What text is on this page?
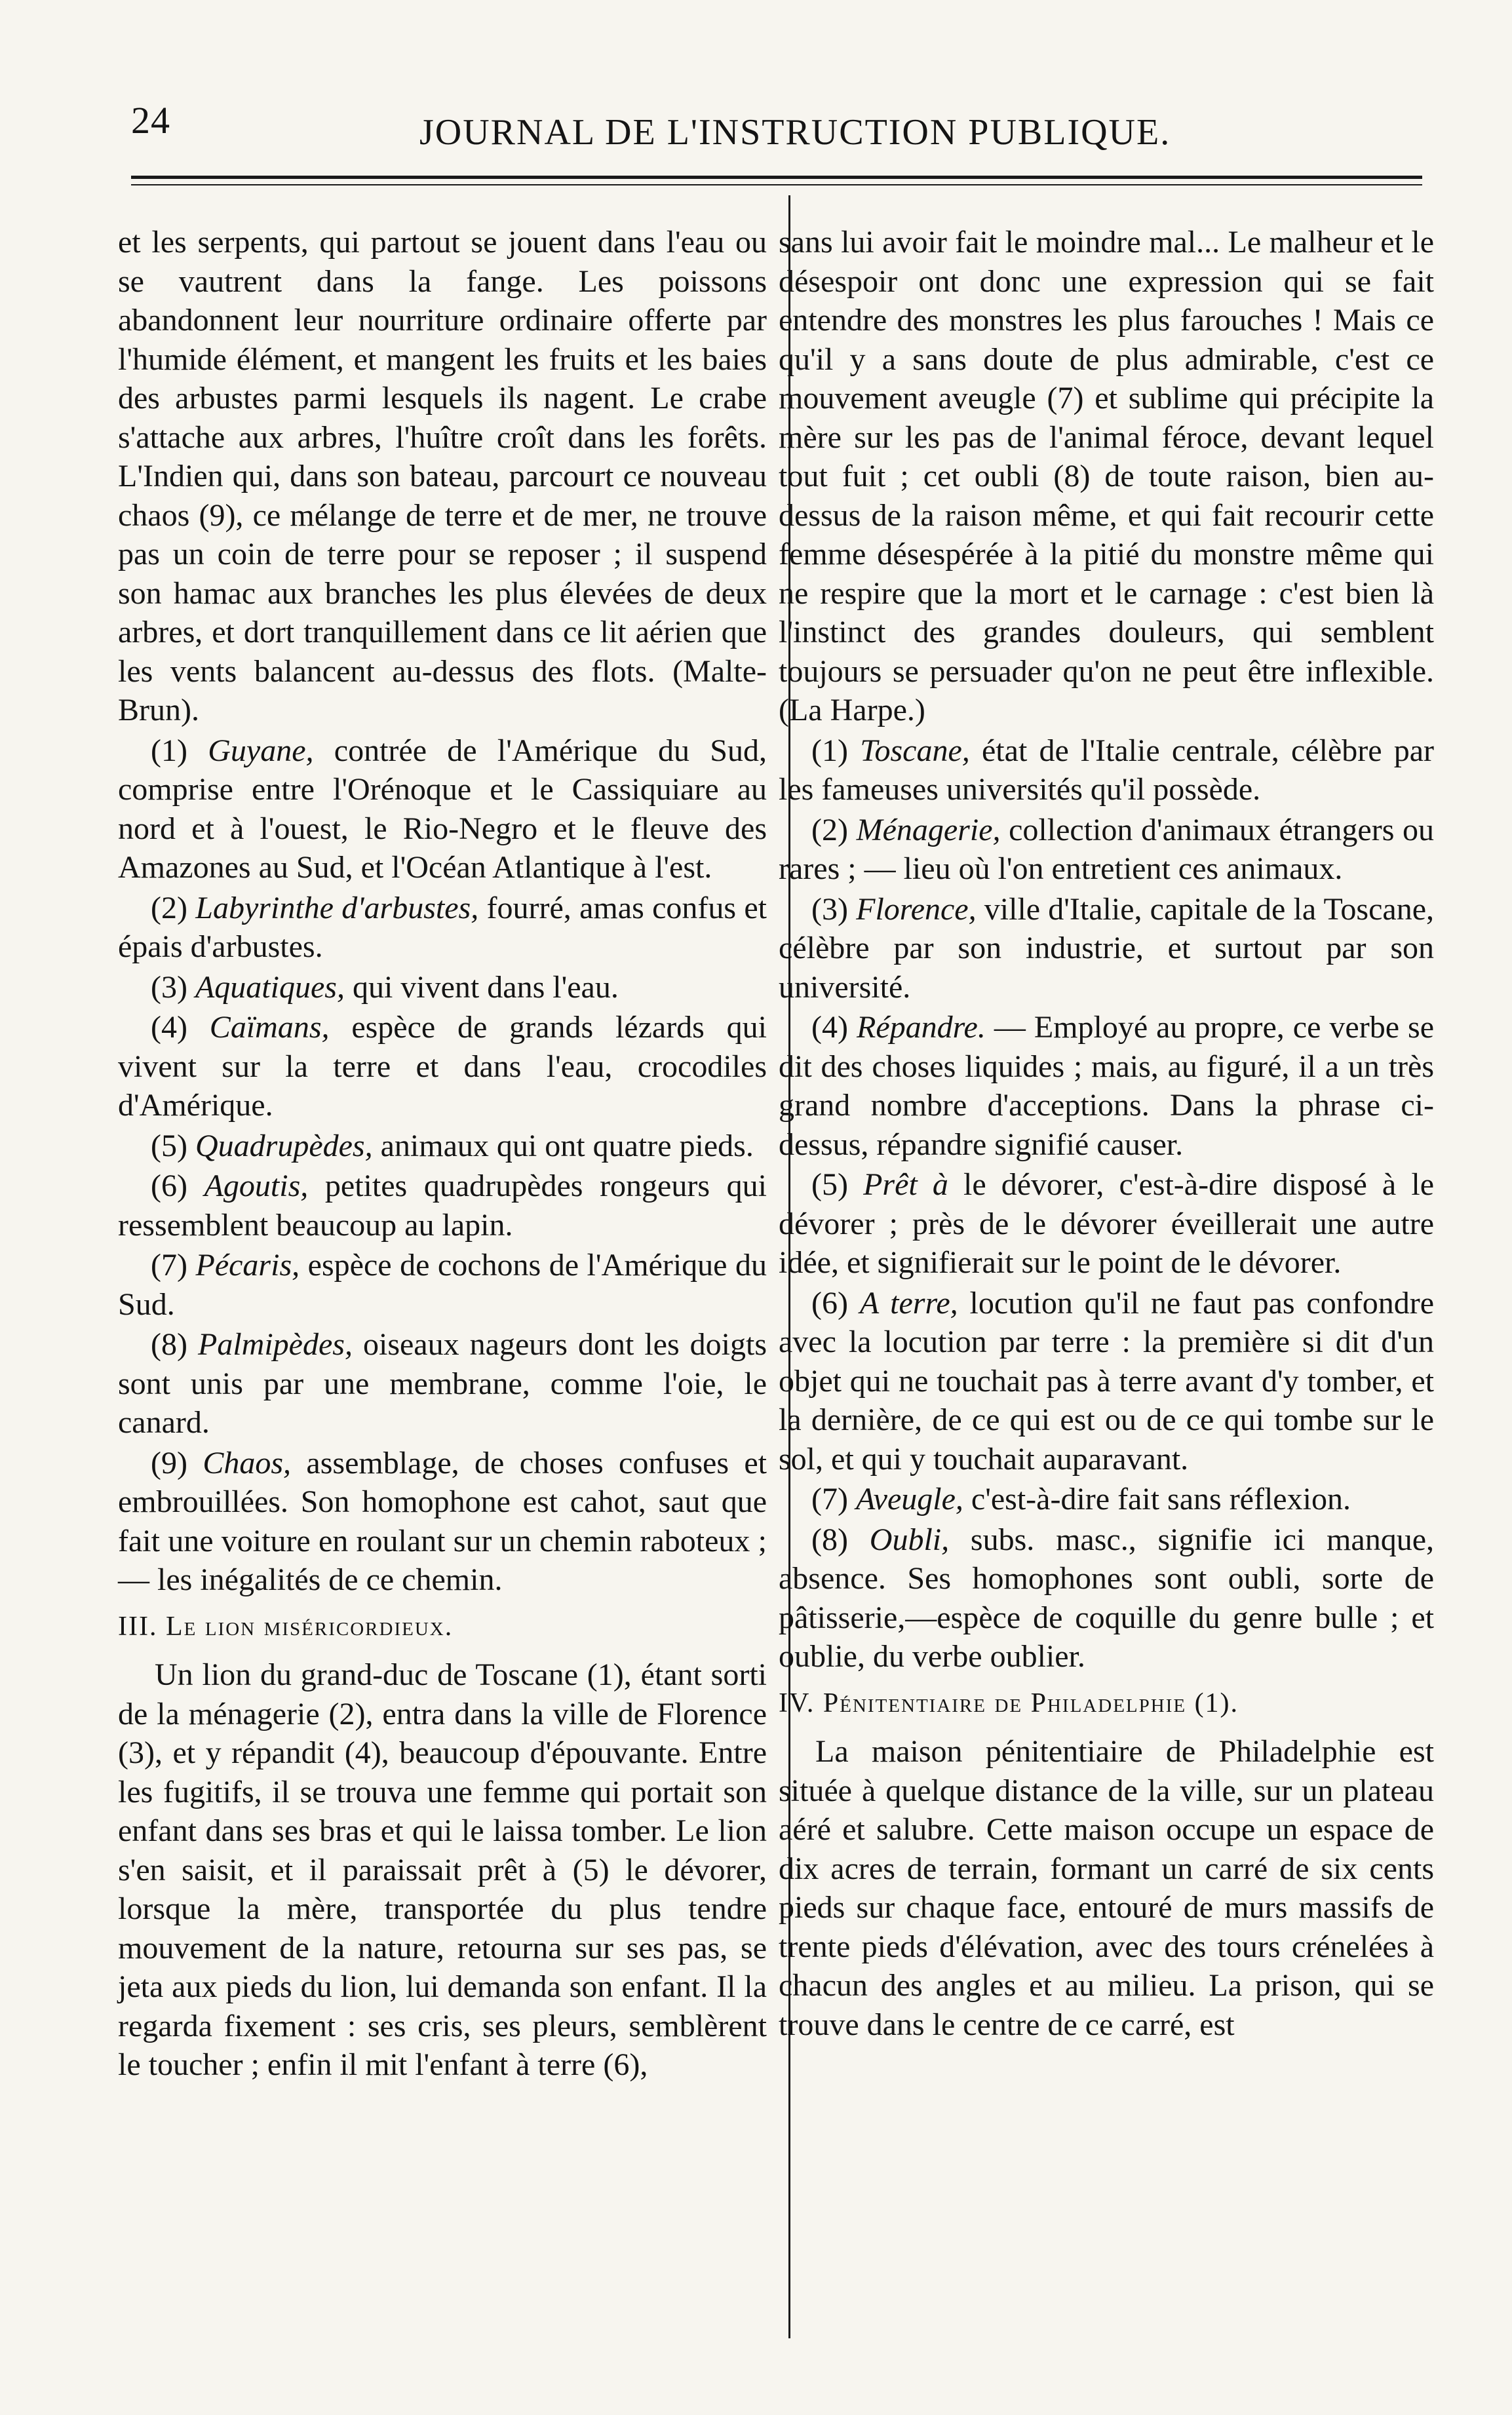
24	JOURNAL DE L'INSTRUCTION PUBLIQUE.

et les serpents, qui partout se jouent dans l'eau ou se vautrent dans la fange. Les poissons abandonnent leur nourriture ordinaire offerte par l'humide élément, et mangent les fruits et les baies des arbustes parmi lesquels ils nagent. Le crabe s'attache aux arbres, l'huître croît dans les forêts. L'Indien qui, dans son bateau, parcourt ce nouveau chaos (9), ce mélange de terre et de mer, ne trouve pas un coin de terre pour se reposer ; il suspend son hamac aux branches les plus élevées de deux arbres, et dort tranquillement dans ce lit aérien que les vents balancent au-dessus des flots. (Malte-Brun).

(1) Guyane, contrée de l'Amérique du Sud, comprise entre l'Orénoque et le Cassiquiare au nord et à l'ouest, le Rio-Negro et le fleuve des Amazones au Sud, et l'Océan Atlantique à l'est.

(2) Labyrinthe d'arbustes, fourré, amas confus et épais d'arbustes.

(3) Aquatiques, qui vivent dans l'eau.

(4) Caïmans, espèce de grands lézards qui vivent sur la terre et dans l'eau, crocodiles d'Amérique.

(5) Quadrupèdes, animaux qui ont quatre pieds.

(6) Agoutis, petites quadrupèdes rongeurs qui ressemblent beaucoup au lapin.

(7) Pécaris, espèce de cochons de l'Amérique du Sud.

(8) Palmipèdes, oiseaux nageurs dont les doigts sont unis par une membrane, comme l'oie, le canard.

(9) Chaos, assemblage, de choses confuses et embrouillées. Son homophone est cahot, saut que fait une voiture en roulant sur un chemin raboteux ; — les inégalités de ce chemin.

III. Le lion miséricordieux.

Un lion du grand-duc de Toscane (1), étant sorti de la ménagerie (2), entra dans la ville de Florence (3), et y répandit (4), beaucoup d'épouvante. Entre les fugitifs, il se trouva une femme qui portait son enfant dans ses bras et qui le laissa tomber. Le lion s'en saisit, et il paraissait prêt à (5) le dévorer, lorsque la mère, transportée du plus tendre mouvement de la nature, retourna sur ses pas, se jeta aux pieds du lion, lui demanda son enfant. Il la regarda fixement : ses cris, ses pleurs, semblèrent le toucher ; enfin il mit l'enfant à terre (6),

sans lui avoir fait le moindre mal... Le malheur et le désespoir ont donc une expression qui se fait entendre des monstres les plus farouches ! Mais ce qu'il y a sans doute de plus admirable, c'est ce mouvement aveugle (7) et sublime qui précipite la mère sur les pas de l'animal féroce, devant lequel tout fuit ; cet oubli (8) de toute raison, bien au-dessus de la raison même, et qui fait recourir cette femme désespérée à la pitié du monstre même qui ne respire que la mort et le carnage : c'est bien là l'instinct des grandes douleurs, qui semblent toujours se persuader qu'on ne peut être inflexible. (La Harpe.)

(1) Toscane, état de l'Italie centrale, célèbre par les fameuses universités qu'il possède.

(2) Ménagerie, collection d'animaux étrangers ou rares ; — lieu où l'on entretient ces animaux.

(3) Florence, ville d'Italie, capitale de la Toscane, célèbre par son industrie, et surtout par son université.

(4) Répandre. — Employé au propre, ce verbe se dit des choses liquides ; mais, au figuré, il a un très grand nombre d'acceptions. Dans la phrase ci-dessus, répandre signifié causer.

(5) Prêt à le dévorer, c'est-à-dire disposé à le dévorer ; près de le dévorer éveillerait une autre idée, et signifierait sur le point de le dévorer.

(6) A terre, locution qu'il ne faut pas confondre avec la locution par terre : la première si dit d'un objet qui ne touchait pas à terre avant d'y tomber, et la dernière, de ce qui est ou de ce qui tombe sur le sol, et qui y touchait auparavant.

(7) Aveugle, c'est-à-dire fait sans réflexion.

(8) Oubli, subs. masc., signifie ici manque, absence. Ses homophones sont oubli, sorte de pâtisserie,—espèce de coquille du genre bulle ; et oublie, du verbe oublier.

IV. Pénitentiaire de Philadelphie (1).

La maison pénitentiaire de Philadelphie est située à quelque distance de la ville, sur un plateau aéré et salubre. Cette maison occupe un espace de dix acres de terrain, formant un carré de six cents pieds sur chaque face, entouré de murs massifs de trente pieds d'élévation, avec des tours crénelées à chacun des angles et au milieu. La prison, qui se trouve dans le centre de ce carré, est
